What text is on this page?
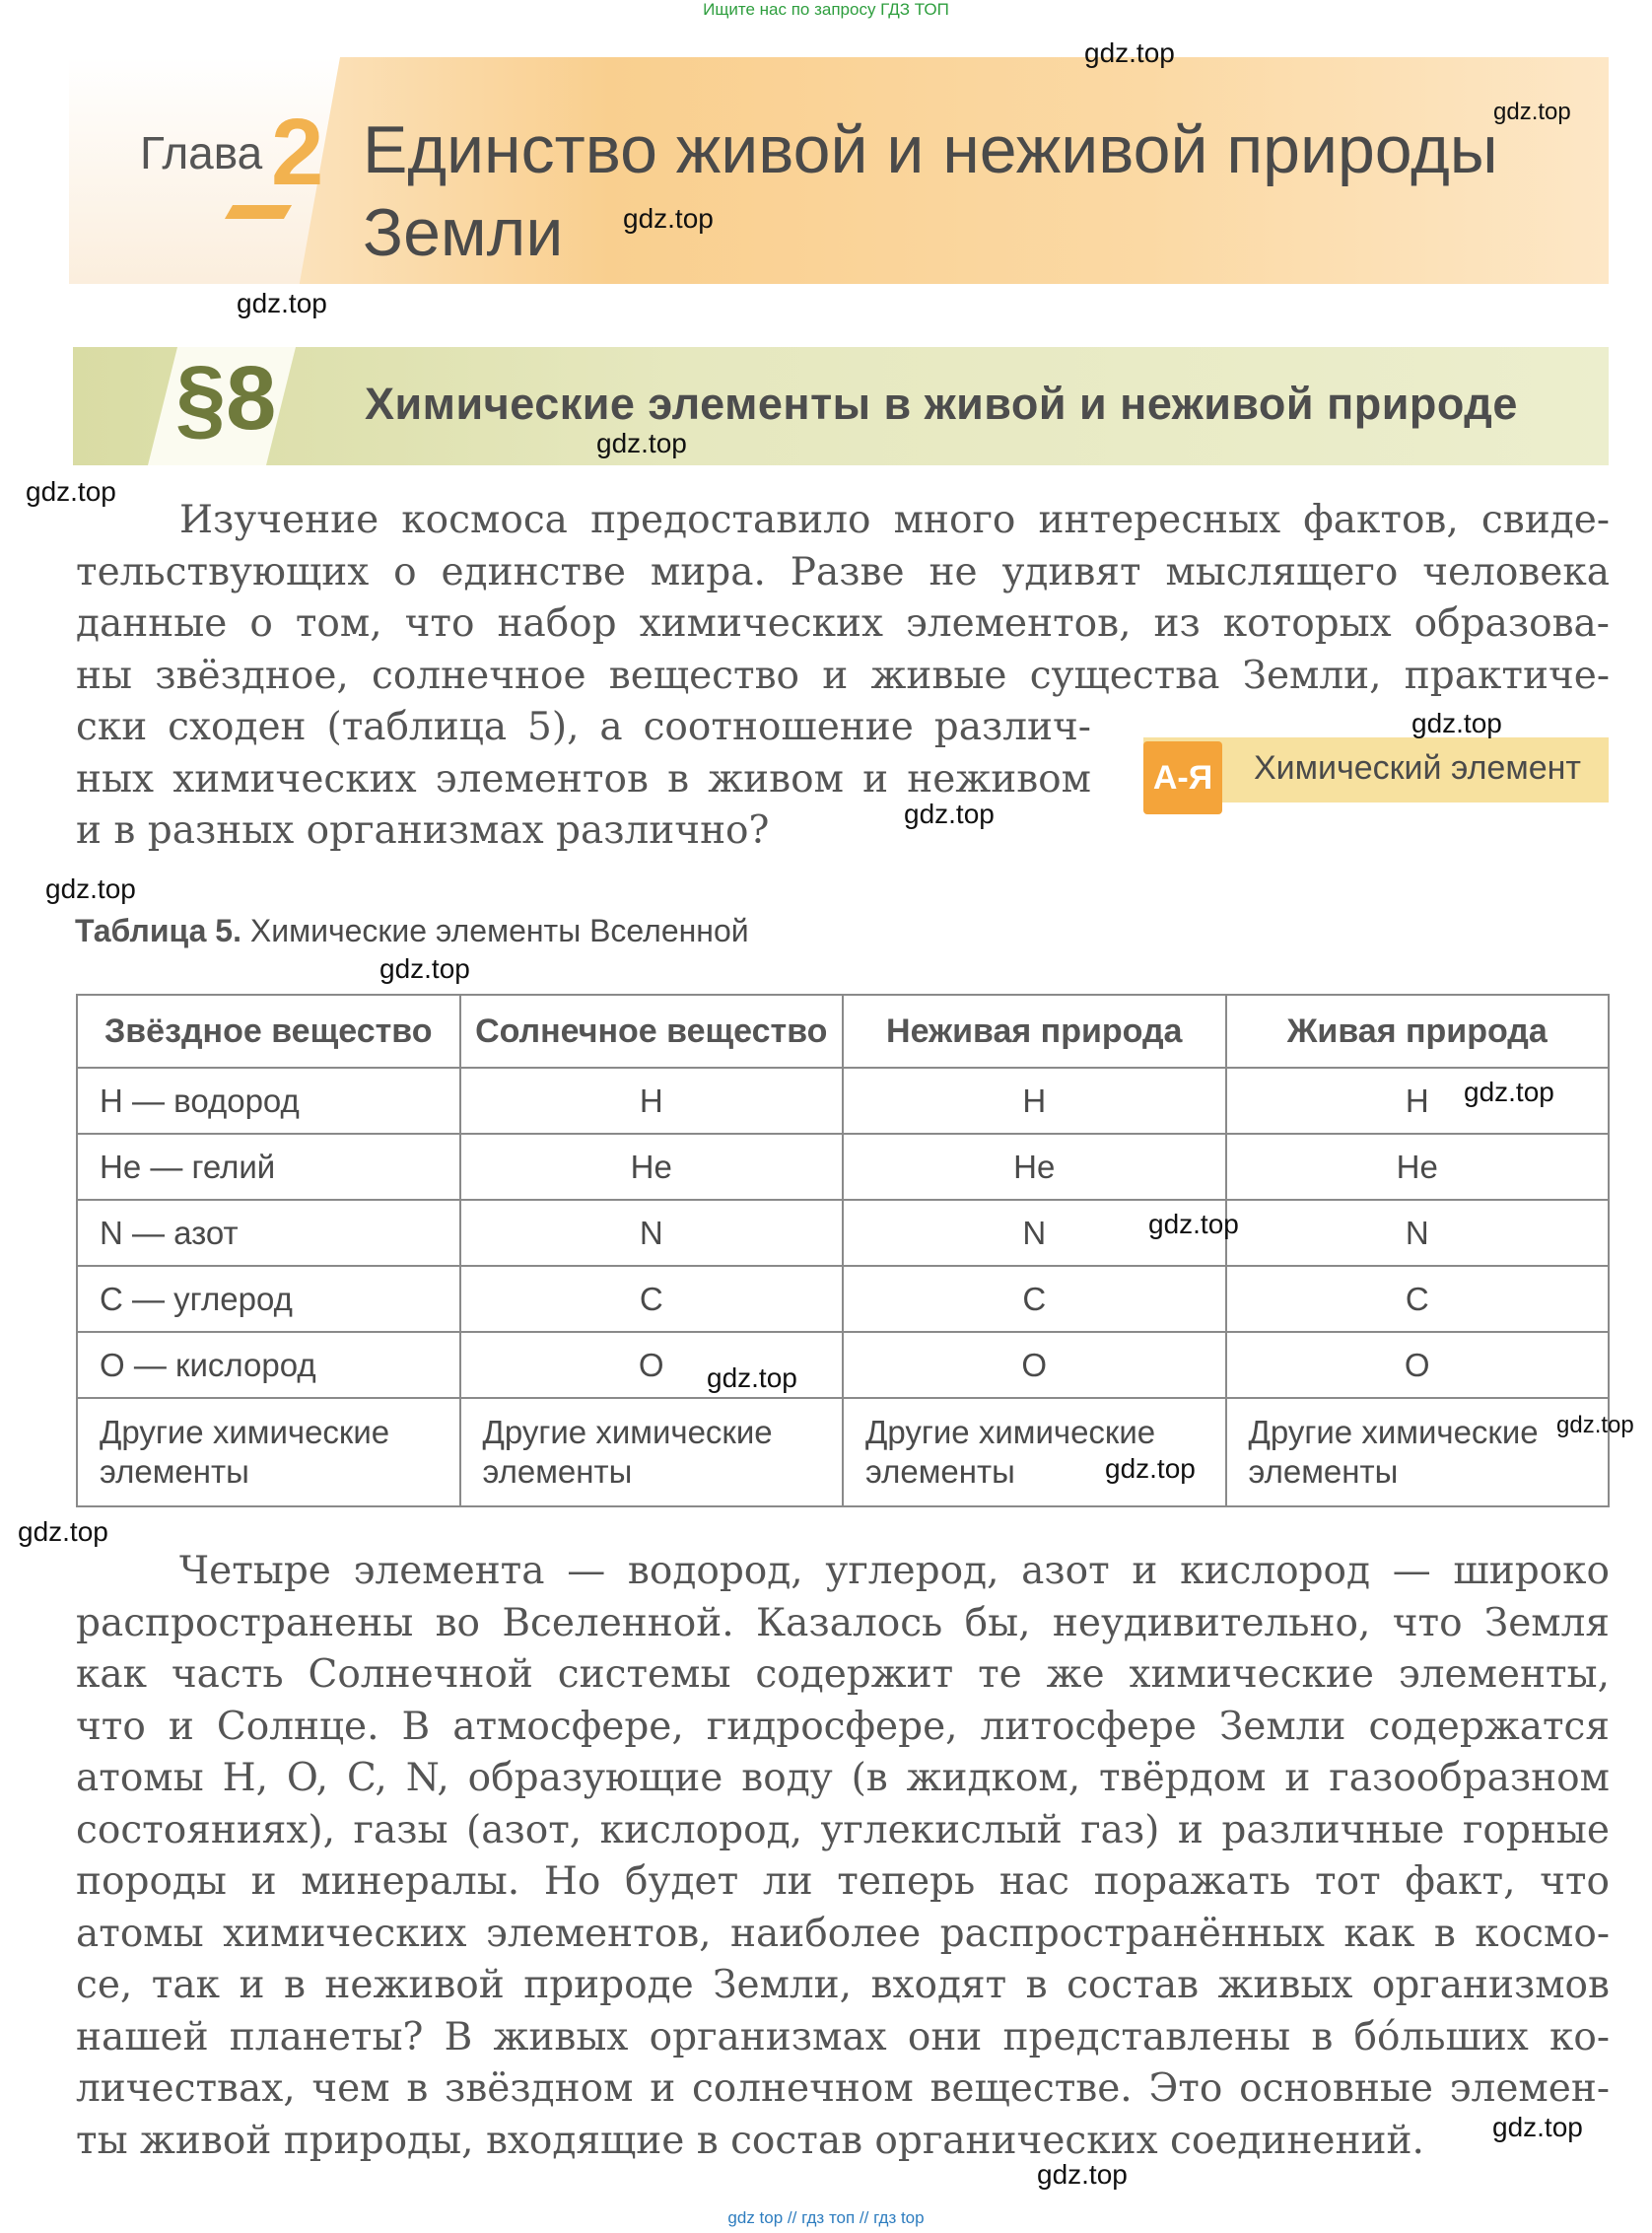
Ищите нас по запросу ГДЗ ТОП
Глава 2 Единство живой и неживой природы
Земли
§8 Химические элементы в живой и неживой природе

Изучение космоса предоставило много интересных фактов, свиде-

тельствующих о единстве мира. Разве не удивят мыслящего человека

данные о том, что набор химических элементов, из которых образова-

ны звёздное, солнечное вещество и живые существа Земли, практиче-

ски сходен (таблица 5), а соотношение различ-

ных химических элементов в живом и неживом

и в разных организмах различно?

А-Я Химический элемент
Таблица 5. Химические элементы Вселенной
Звёздное вещество	Солнечное вещество	Неживая природа	Живая природа
H — водород	H	H	H
He — гелий	He	He	He
N — азот	N	N	N
C — углерод	C	C	C
O — кислород	O	O	O
Другие химические элементы	Другие химические элементы	Другие химические элементы	Другие химические элементы

Четыре элемента — водород, углерод, азот и кислород — широко

распространены во Вселенной. Казалось бы, неудивительно, что Земля

как часть Солнечной системы содержит те же химические элементы,

что и Солнце. В атмосфере, гидросфере, литосфере Земли содержатся

атомы H, O, C, N, образующие воду (в жидком, твёрдом и газообразном

состояниях), газы (азот, кислород, углекислый газ) и различные горные

породы и минералы. Но будет ли теперь нас поражать тот факт, что

атомы химических элементов, наиболее распространённых как в космо-

се, так и в неживой природе Земли, входят в состав живых организмов

нашей планеты? В живых организмах они представлены в бóльших ко-

личествах, чем в звёздном и солнечном веществе. Это основные элемен-

ты живой природы, входящие в состав органических соединений.

gdz.top
gdz.top
gdz.top
gdz.top
gdz.top
gdz.top
gdz.top
gdz.top
gdz.top
gdz.top
gdz.top
gdz.top
gdz.top
gdz.top
gdz.top
gdz.top
gdz.top
gdz.top
gdz top // гдз топ // гдз top
